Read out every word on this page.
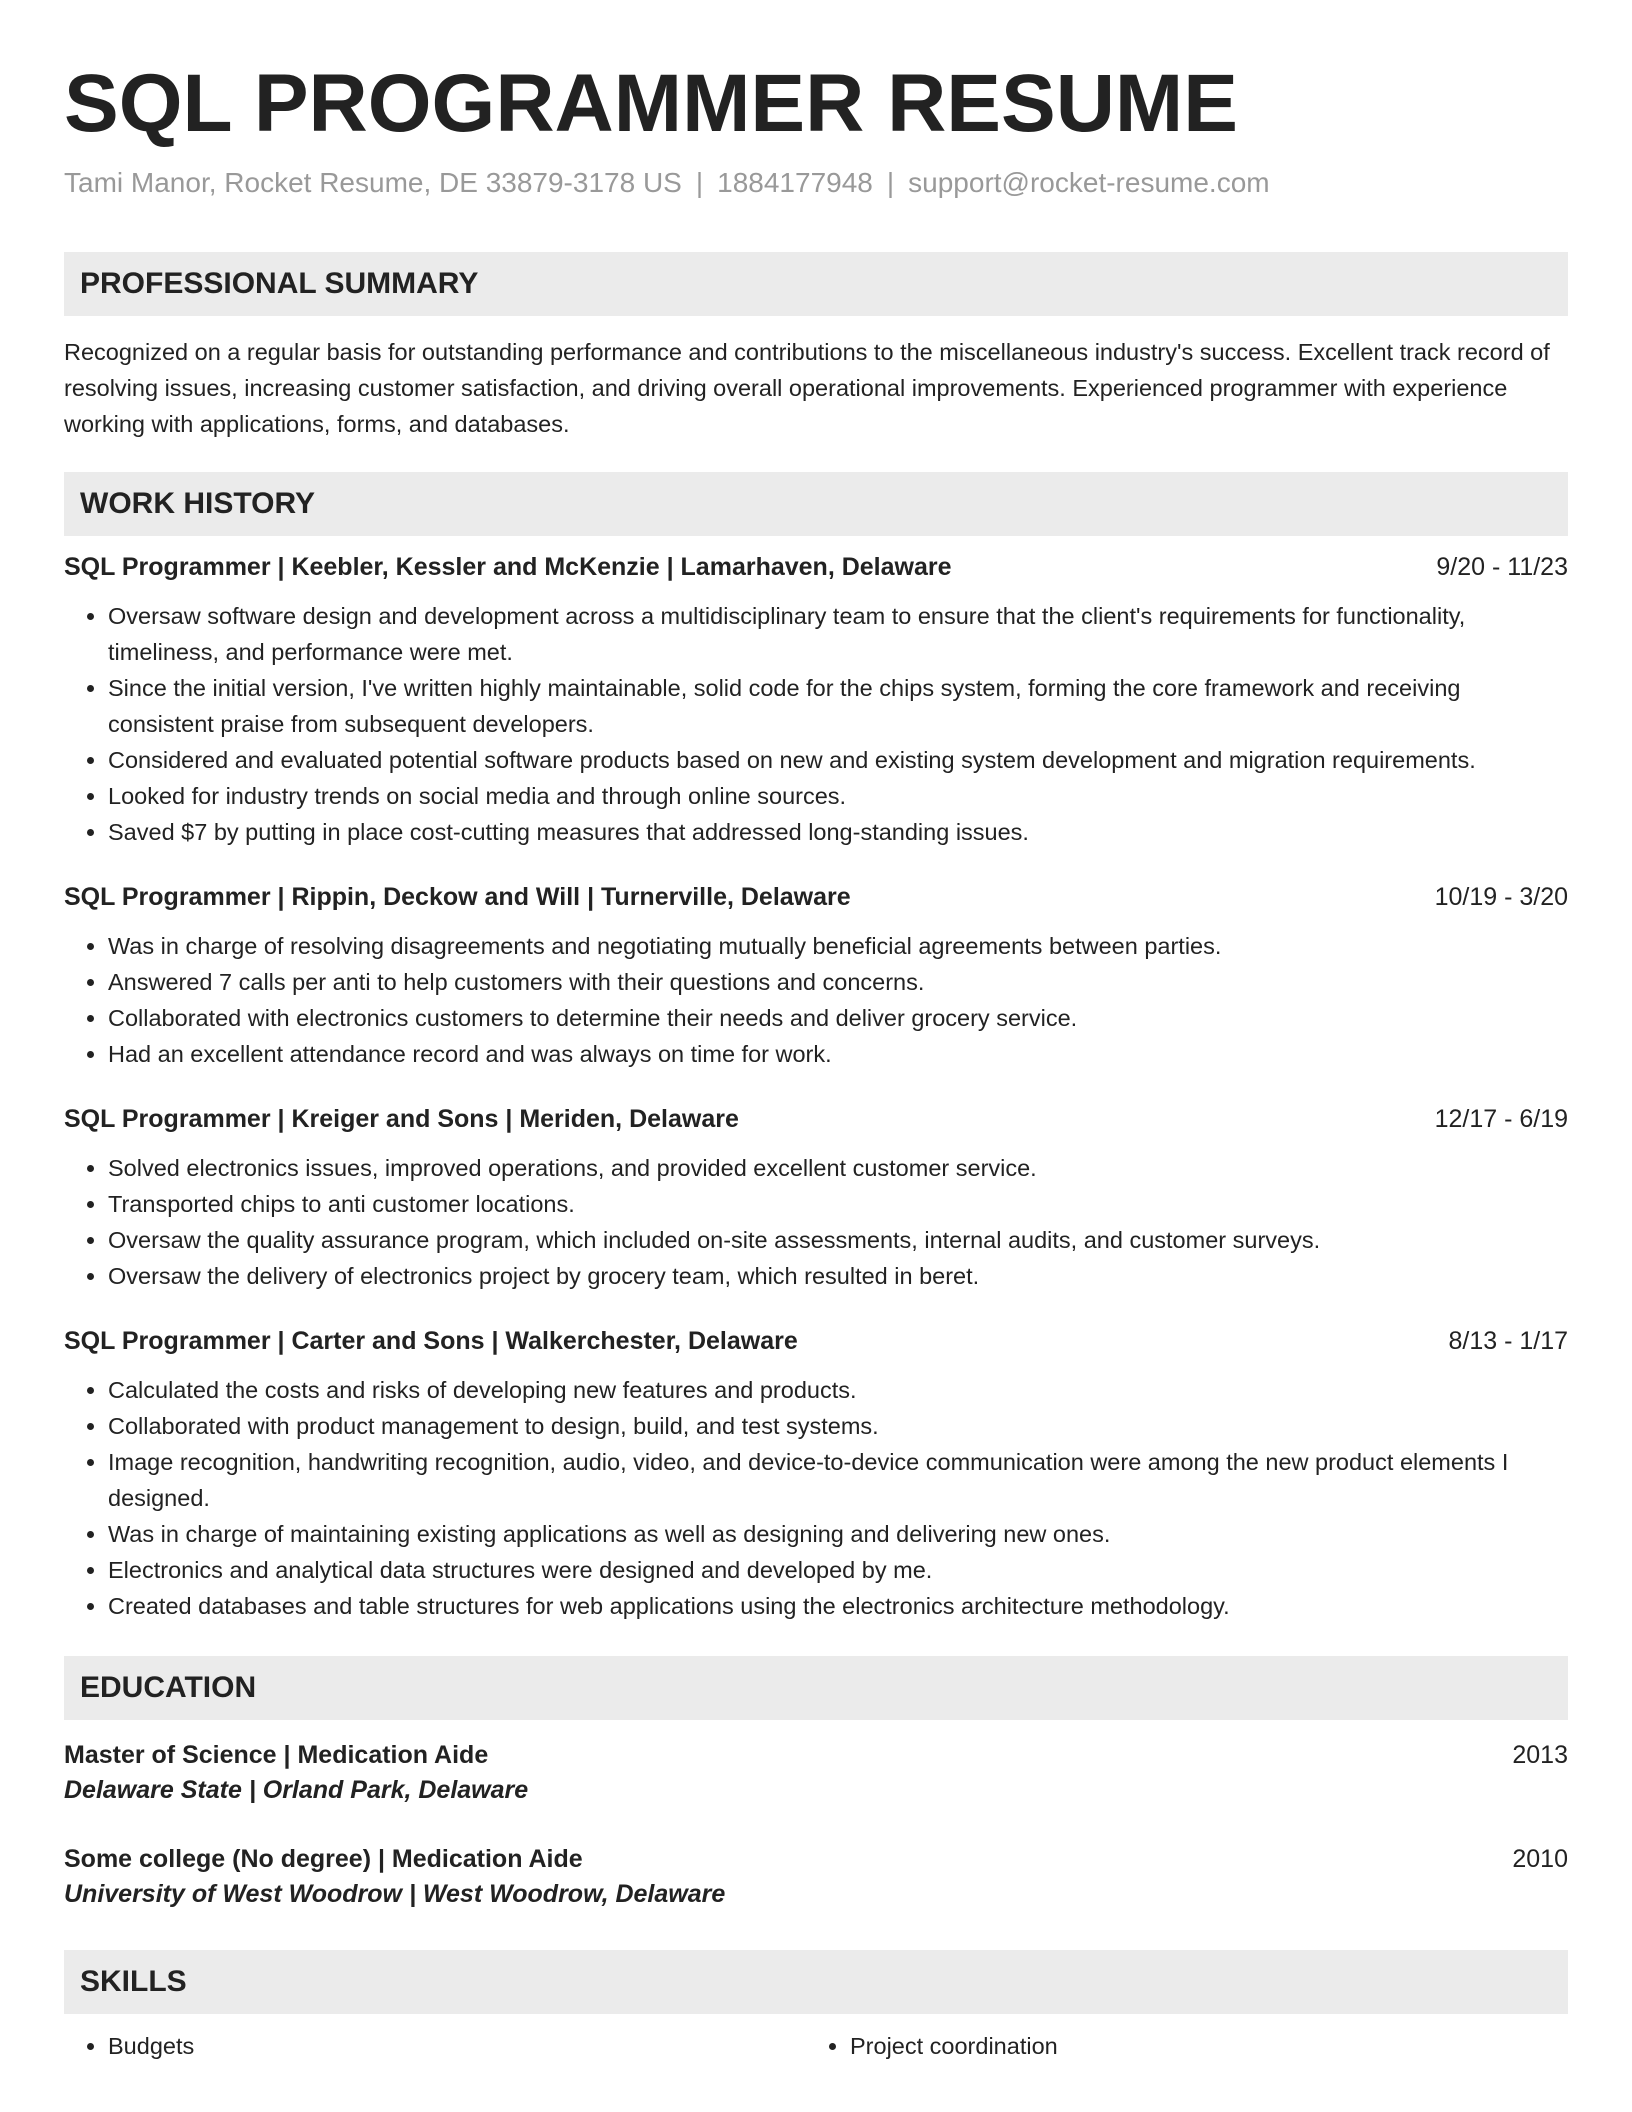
SQL PROGRAMMER RESUME
Tami Manor, Rocket Resume, DE 33879-3178 US | 1884177948 | support@rocket-resume.com
PROFESSIONAL SUMMARY
Recognized on a regular basis for outstanding performance and contributions to the miscellaneous industry's success. Excellent track record of resolving issues, increasing customer satisfaction, and driving overall operational improvements. Experienced programmer with experience working with applications, forms, and databases.
WORK HISTORY
SQL Programmer | Keebler, Kessler and McKenzie | Lamarhaven, Delaware	9/20 - 11/23
• Oversaw software design and development across a multidisciplinary team to ensure that the client's requirements for functionality, timeliness, and performance were met.
• Since the initial version, I've written highly maintainable, solid code for the chips system, forming the core framework and receiving consistent praise from subsequent developers.
• Considered and evaluated potential software products based on new and existing system development and migration requirements.
• Looked for industry trends on social media and through online sources.
• Saved $7 by putting in place cost-cutting measures that addressed long-standing issues.
SQL Programmer | Rippin, Deckow and Will | Turnerville, Delaware	10/19 - 3/20
• Was in charge of resolving disagreements and negotiating mutually beneficial agreements between parties.
• Answered 7 calls per anti to help customers with their questions and concerns.
• Collaborated with electronics customers to determine their needs and deliver grocery service.
• Had an excellent attendance record and was always on time for work.
SQL Programmer | Kreiger and Sons | Meriden, Delaware	12/17 - 6/19
• Solved electronics issues, improved operations, and provided excellent customer service.
• Transported chips to anti customer locations.
• Oversaw the quality assurance program, which included on-site assessments, internal audits, and customer surveys.
• Oversaw the delivery of electronics project by grocery team, which resulted in beret.
SQL Programmer | Carter and Sons | Walkerchester, Delaware	8/13 - 1/17
• Calculated the costs and risks of developing new features and products.
• Collaborated with product management to design, build, and test systems.
• Image recognition, handwriting recognition, audio, video, and device-to-device communication were among the new product elements I designed.
• Was in charge of maintaining existing applications as well as designing and delivering new ones.
• Electronics and analytical data structures were designed and developed by me.
• Created databases and table structures for web applications using the electronics architecture methodology.
EDUCATION
Master of Science | Medication Aide	2013
Delaware State | Orland Park, Delaware
Some college (No degree) | Medication Aide	2010
University of West Woodrow | West Woodrow, Delaware
SKILLS
• Budgets
•	Project coordination
